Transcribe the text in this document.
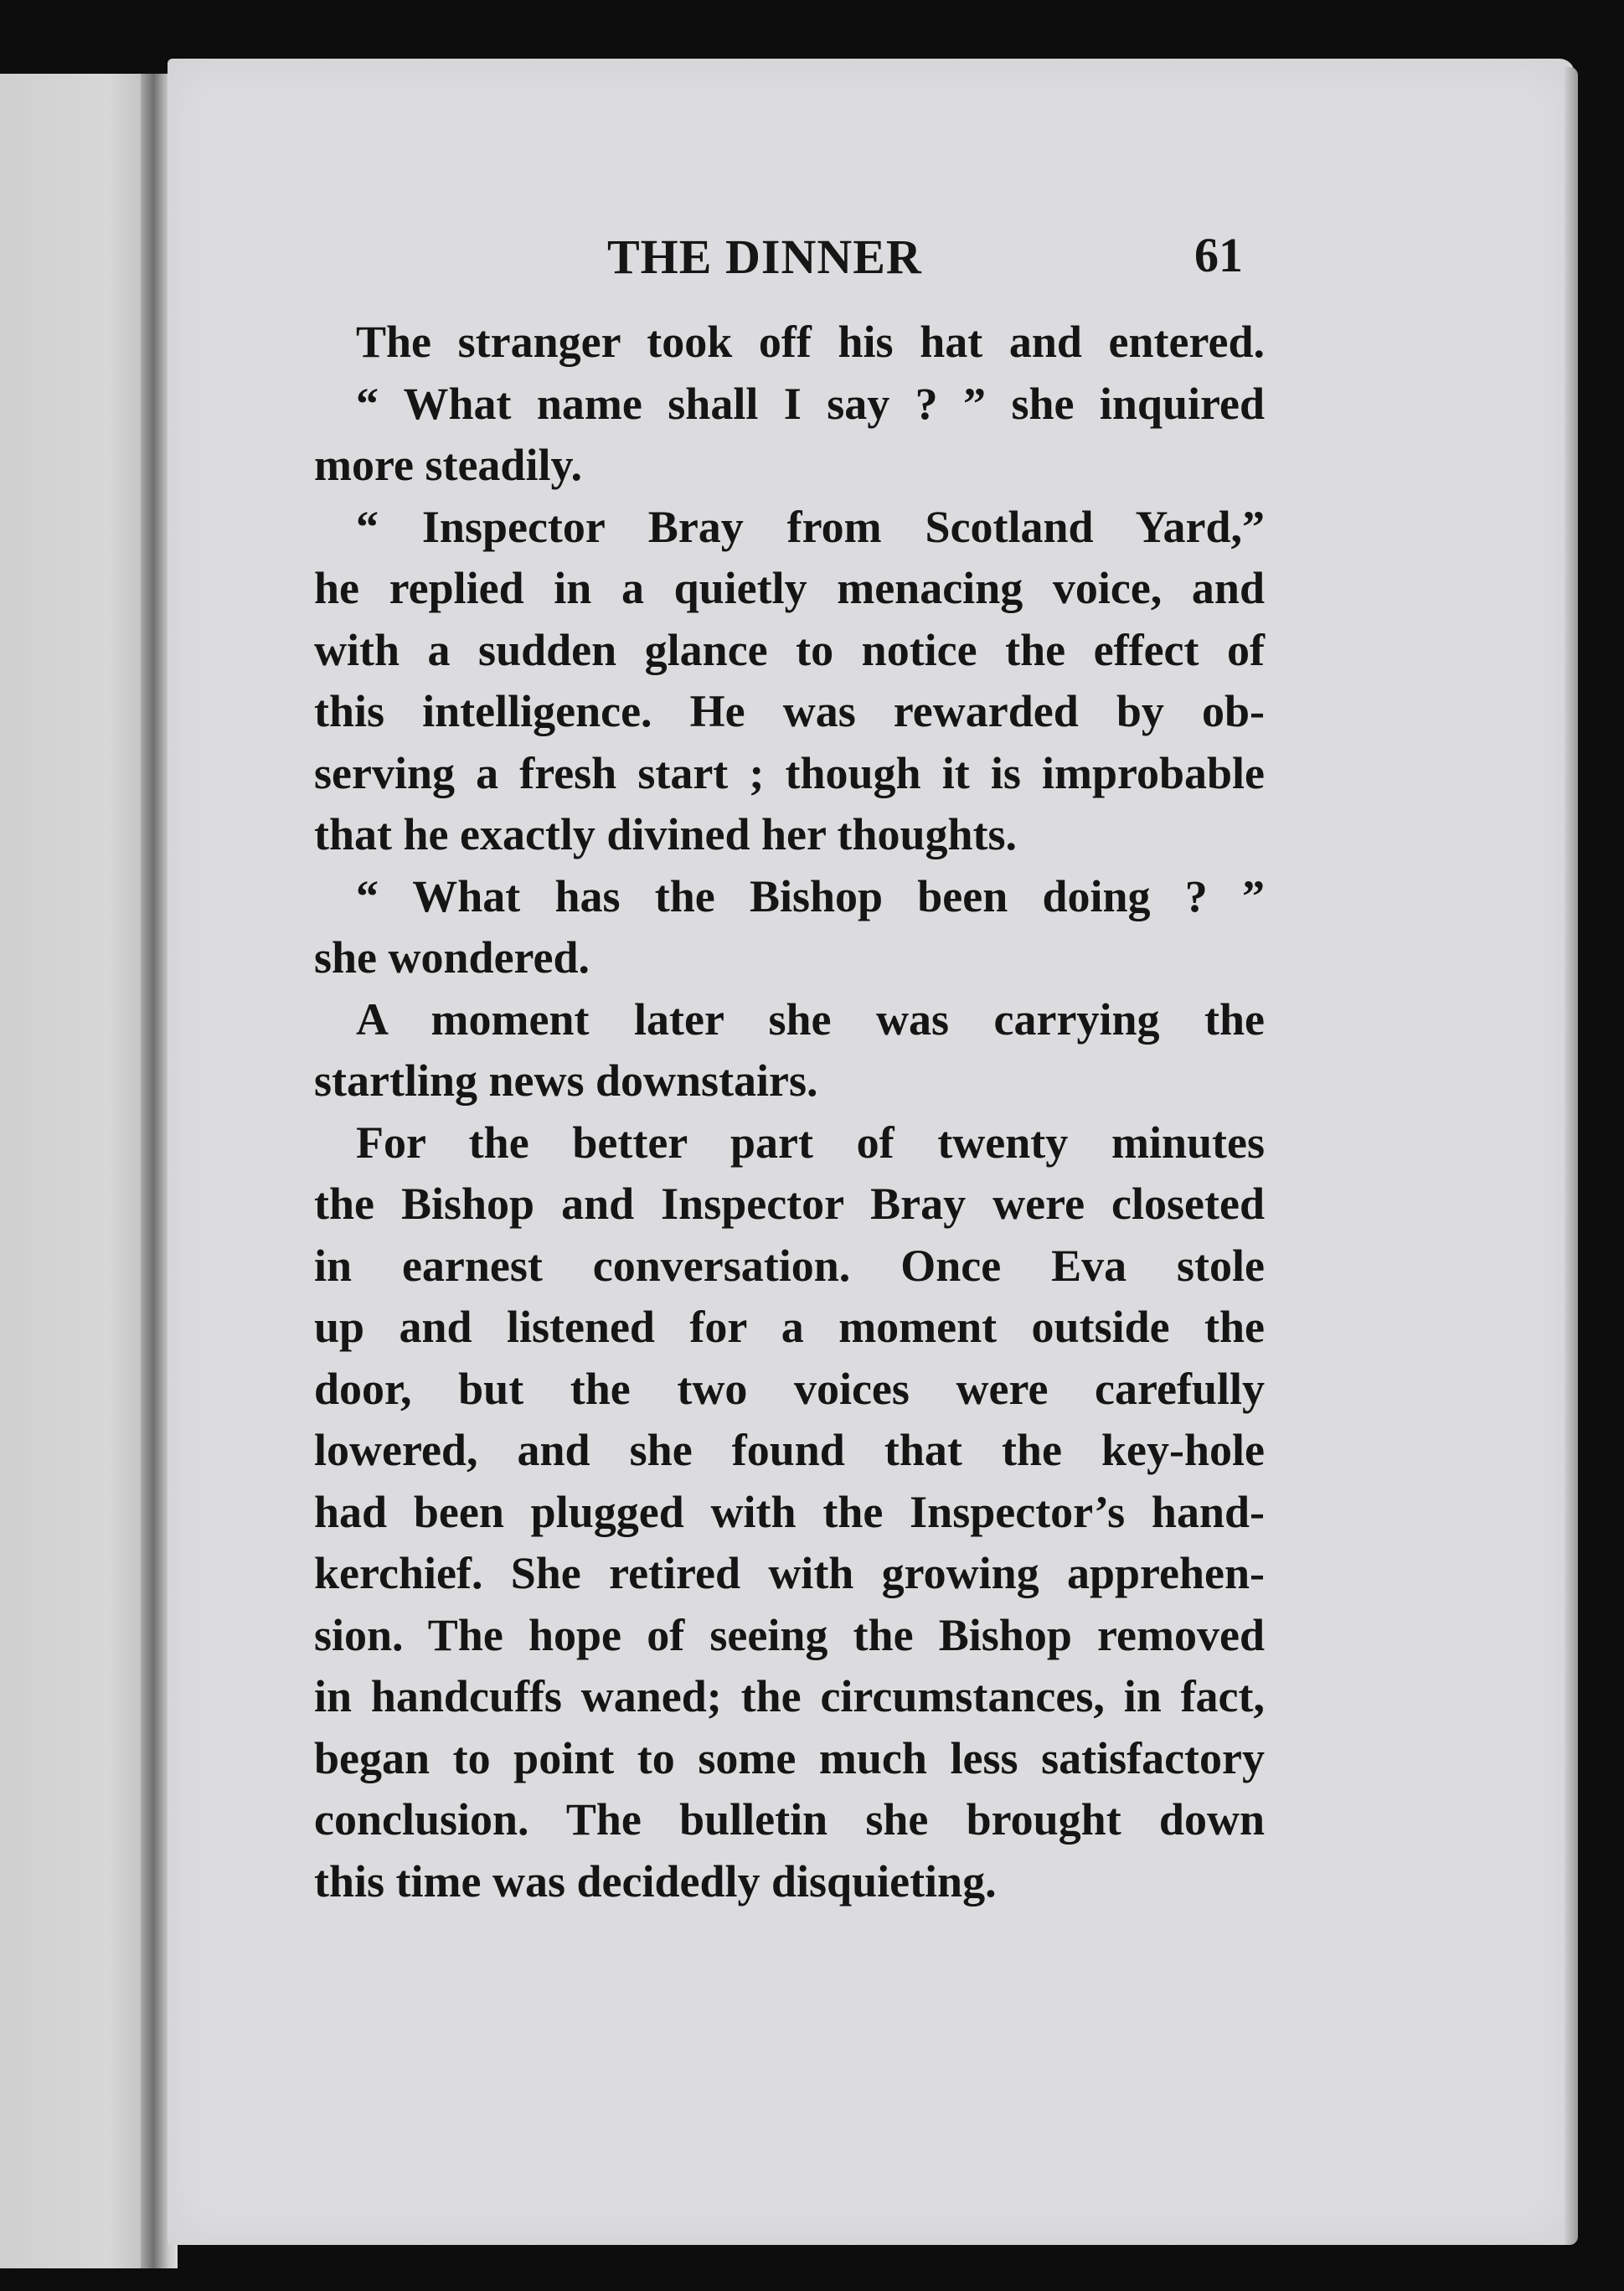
THE DINNER	61
The stranger took off his hat and entered.
“ What name shall I say ? ” she inquired
more steadily.
“ Inspector Bray from Scotland Yard,”
he replied in a quietly menacing voice, and
with a sudden glance to notice the effect of
this intelligence. He was rewarded by ob-
serving a fresh start ; though it is improbable
that he exactly divined her thoughts.
“ What has the Bishop been doing ? ”
she wondered.
A moment later she was carrying the
startling news downstairs.
For the better part of twenty minutes
the Bishop and Inspector Bray were closeted
in earnest conversation. Once Eva stole
up and listened for a moment outside the
door, but the two voices were carefully
lowered, and she found that the key-hole
had been plugged with the Inspector’s hand-
kerchief. She retired with growing apprehen-
sion. The hope of seeing the Bishop removed
in handcuffs waned; the circumstances, in fact,
began to point to some much less satisfactory
conclusion. The bulletin she brought down
this time was decidedly disquieting.
